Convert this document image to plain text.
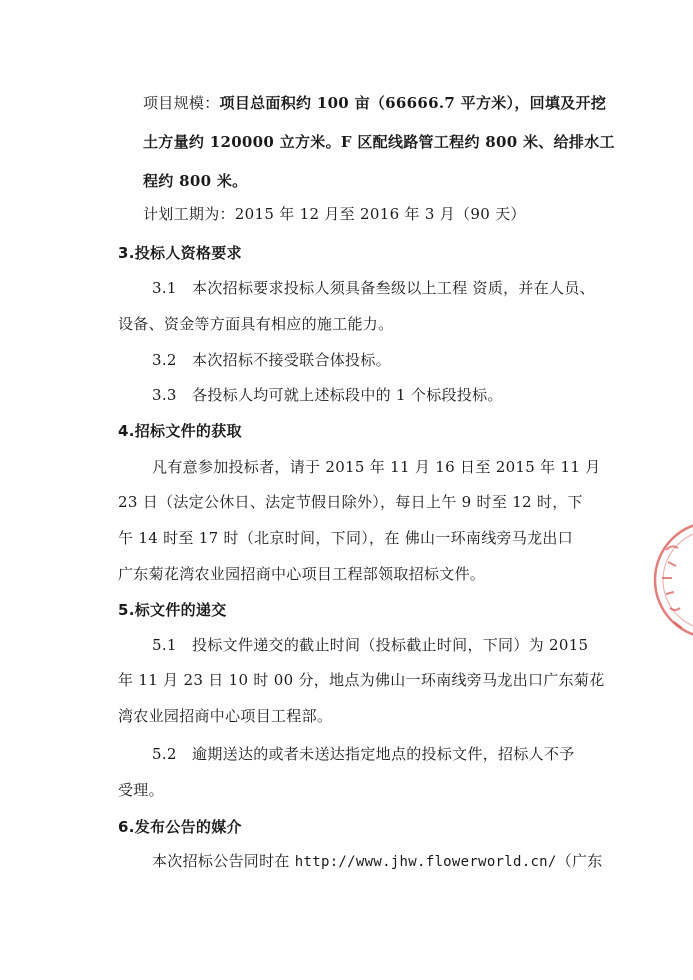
项目规模：项目总面积约 100 亩（66666.7 平方米），回填及开挖
土方量约 120000 立方米。F 区配线路管工程约 800 米、给排水工
程约 800 米。
计划工期为：2015 年 12 月至 2016 年 3 月（90 天）
3.投标人资格要求
3.1　本次招标要求投标人须具备叁级以上工程 资质，并在人员、
设备、资金等方面具有相应的施工能力。
3.2　本次招标不接受联合体投标。
3.3　各投标人均可就上述标段中的 1 个标段投标。
4.招标文件的获取
凡有意参加投标者，请于 2015 年 11 月 16 日至 2015 年 11 月
23 日（法定公休日、法定节假日除外），每日上午 9 时至 12 时，下
午 14 时至 17 时（北京时间，下同），在 佛山一环南线旁马龙出口
广东菊花湾农业园招商中心项目工程部领取招标文件。
5.标文件的递交
5.1　投标文件递交的截止时间（投标截止时间，下同）为 2015
年 11 月 23 日 10 时 00 分，地点为佛山一环南线旁马龙出口广东菊花
湾农业园招商中心项目工程部。
5.2　逾期送达的或者未送达指定地点的投标文件，招标人不予
受理。
6.发布公告的媒介
本次招标公告同时在 http://www.jhw.flowerworld.cn/（广东
